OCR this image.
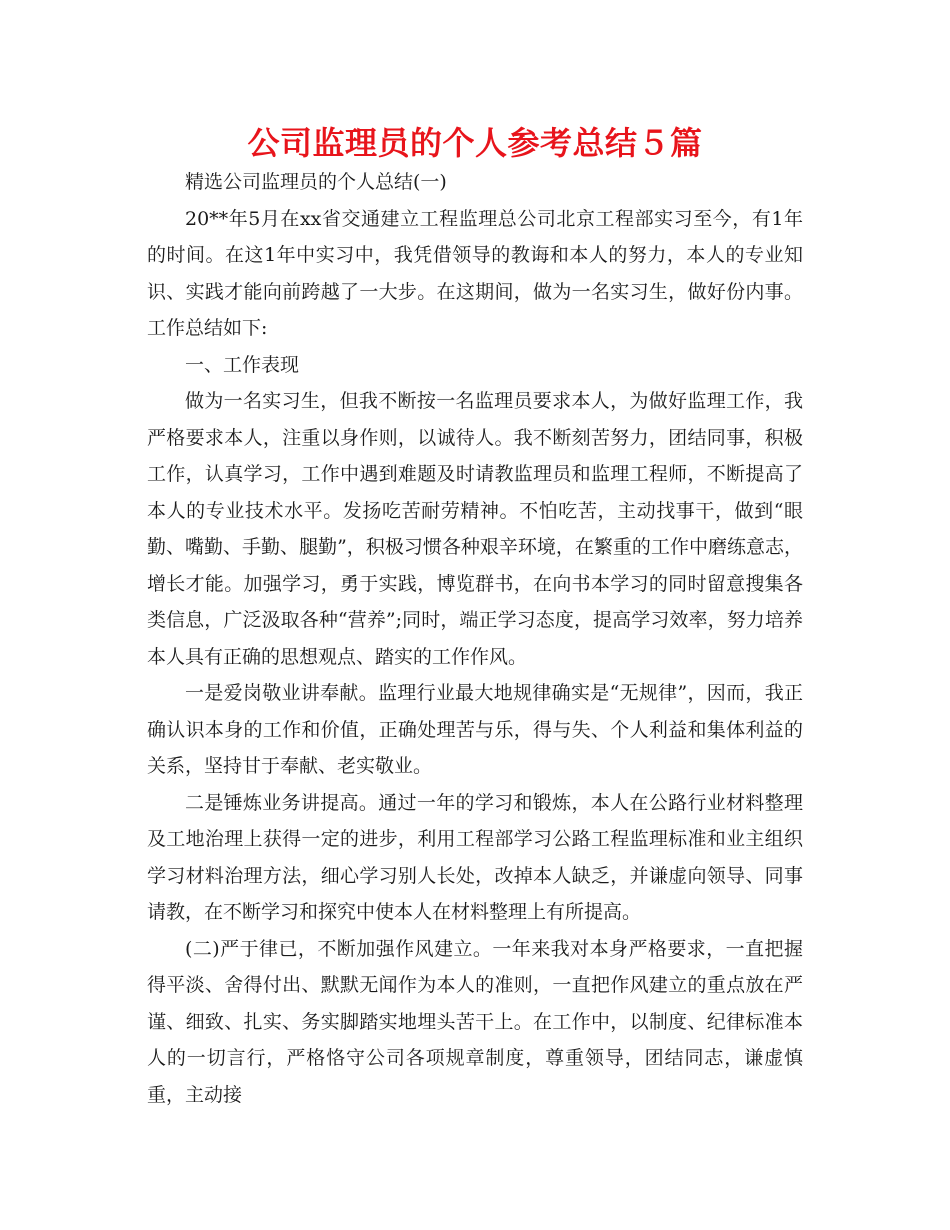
公司监理员的个人参考总结５篇

精选公司监理员的个人总结(一)

20**年5月在xx省交通建立工程监理总公司北京工程部实习至今，有1年的时间。在这1年中实习中，我凭借领导的教诲和本人的努力，本人的专业知识、实践才能向前跨越了一大步。在这期间，做为一名实习生，做好份内事。工作总结如下:

一、工作表现

做为一名实习生，但我不断按一名监理员要求本人，为做好监理工作，我严格要求本人，注重以身作则，以诚待人。我不断刻苦努力，团结同事，积极工作，认真学习，工作中遇到难题及时请教监理员和监理工程师，不断提高了本人的专业技术水平。发扬吃苦耐劳精神。不怕吃苦，主动找事干，做到“眼勤、嘴勤、手勤、腿勤”，积极习惯各种艰辛环境，在繁重的工作中磨练意志，增长才能。加强学习，勇于实践，博览群书，在向书本学习的同时留意搜集各类信息，广泛汲取各种“营养”;同时，端正学习态度，提高学习效率，努力培养本人具有正确的思想观点、踏实的工作作风。

一是爱岗敬业讲奉献。监理行业最大地规律确实是“无规律”，因而，我正确认识本身的工作和价值，正确处理苦与乐，得与失、个人利益和集体利益的关系，坚持甘于奉献、老实敬业。

二是锤炼业务讲提高。通过一年的学习和锻炼，本人在公路行业材料整理及工地治理上获得一定的进步，利用工程部学习公路工程监理标准和业主组织学习材料治理方法，细心学习别人长处，改掉本人缺乏，并谦虚向领导、同事请教，在不断学习和探究中使本人在材料整理上有所提高。

(二)严于律已，不断加强作风建立。一年来我对本身严格要求，一直把握得平淡、舍得付出、默默无闻作为本人的准则，一直把作风建立的重点放在严谨、细致、扎实、务实脚踏实地埋头苦干上。在工作中，以制度、纪律标准本人的一切言行，严格恪守公司各项规章制度，尊重领导，团结同志，谦虚慎重，主动接
